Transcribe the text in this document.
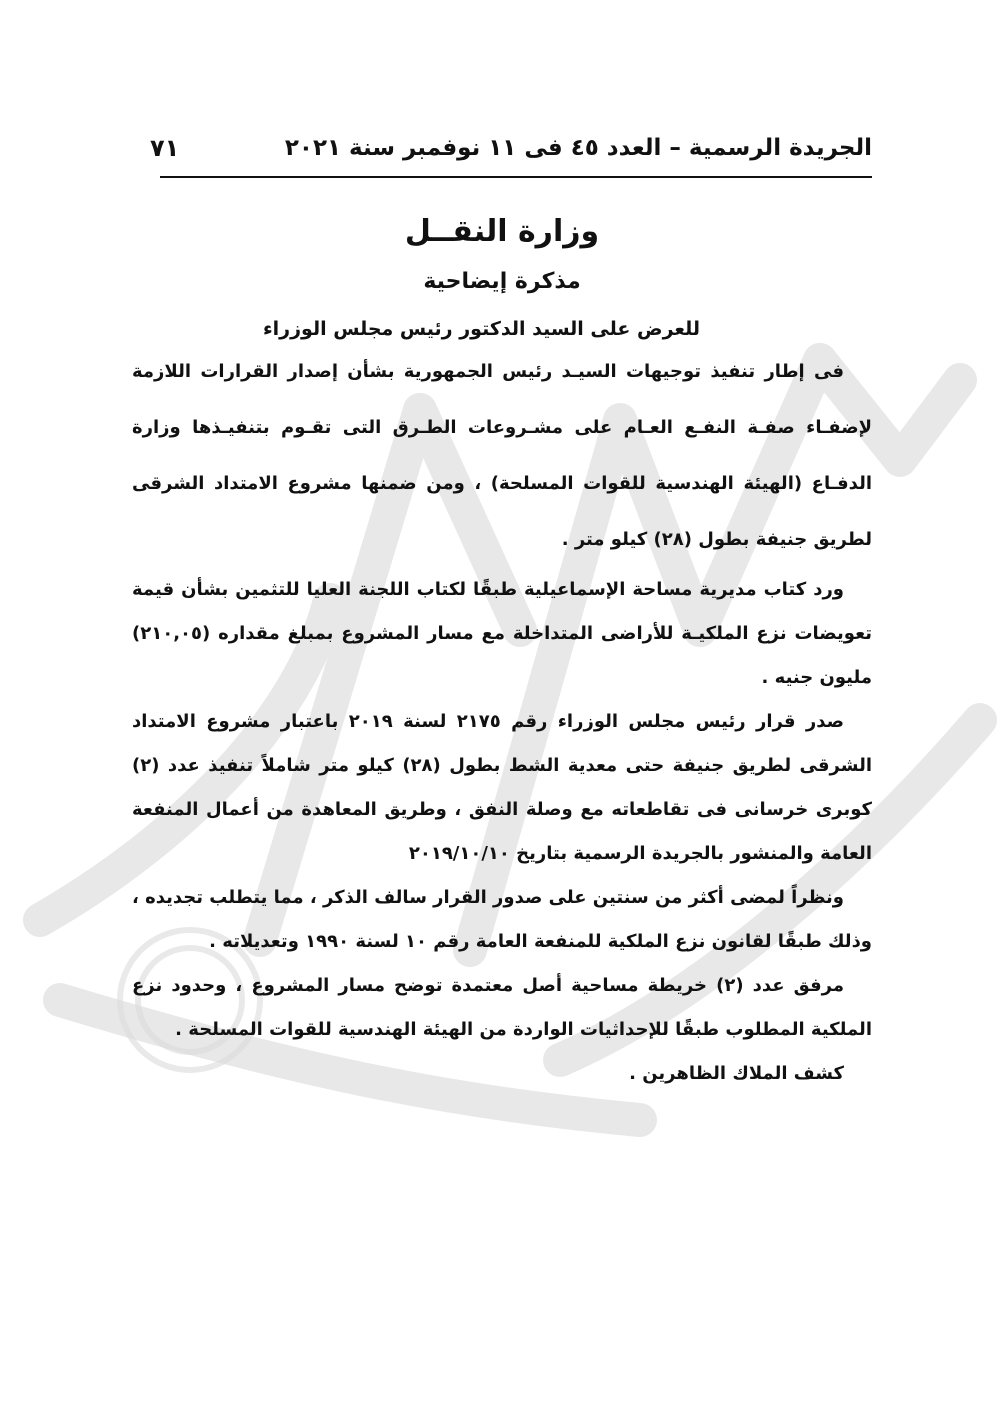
الجريدة الرسمية – العدد ٤٥ فى ١١ نوفمبر سنة ٢٠٢١
٧١
وزارة النقــل
مذكرة إيضاحية
للعرض على السيد الدكتور رئيس مجلس الوزراء

فى إطار تنفيذ توجيهات السيـد رئيس الجمهورية بشأن إصدار القرارات اللازمة لإضفـاء صفـة النفـع العـام على مشـروعات الطـرق التى تقـوم بتنفيـذها وزارة الدفـاع (الهيئة الهندسية للقوات المسلحة) ، ومن ضمنها مشروع الامتداد الشرقى لطريق جنيفة بطول (٢٨) كيلو متر .

ورد كتاب مديرية مساحة الإسماعيلية طبقًا لكتاب اللجنة العليا للتثمين بشأن قيمة تعويضات نزع الملكيـة للأراضى المتداخلة مع مسار المشروع بمبلغ مقداره (٢١٠,٠٥) مليون جنيه .

صدر قرار رئيس مجلس الوزراء رقم ٢١٧٥ لسنة ٢٠١٩ باعتبار مشروع الامتداد الشرقى لطريق جنيفة حتى معدية الشط بطول (٢٨) كيلو متر شاملاً تنفيذ عدد (٢) كوبرى خرسانى فى تقاطعاته مع وصلة النفق ، وطريق المعاهدة من أعمال المنفعة العامة والمنشور بالجريدة الرسمية بتاريخ ٢٠١٩/١٠/١٠

ونظراً لمضى أكثر من سنتين على صدور القرار سالف الذكر ، مما يتطلب تجديده ، وذلك طبقًا لقانون نزع الملكية للمنفعة العامة رقم ١٠ لسنة ١٩٩٠ وتعديلاته .

مرفق عدد (٢) خريطة مساحية أصل معتمدة توضح مسار المشروع ، وحدود نزع الملكية المطلوب طبقًا للإحداثيات الواردة من الهيئة الهندسية للقوات المسلحة .

كشف الملاك الظاهرين .
